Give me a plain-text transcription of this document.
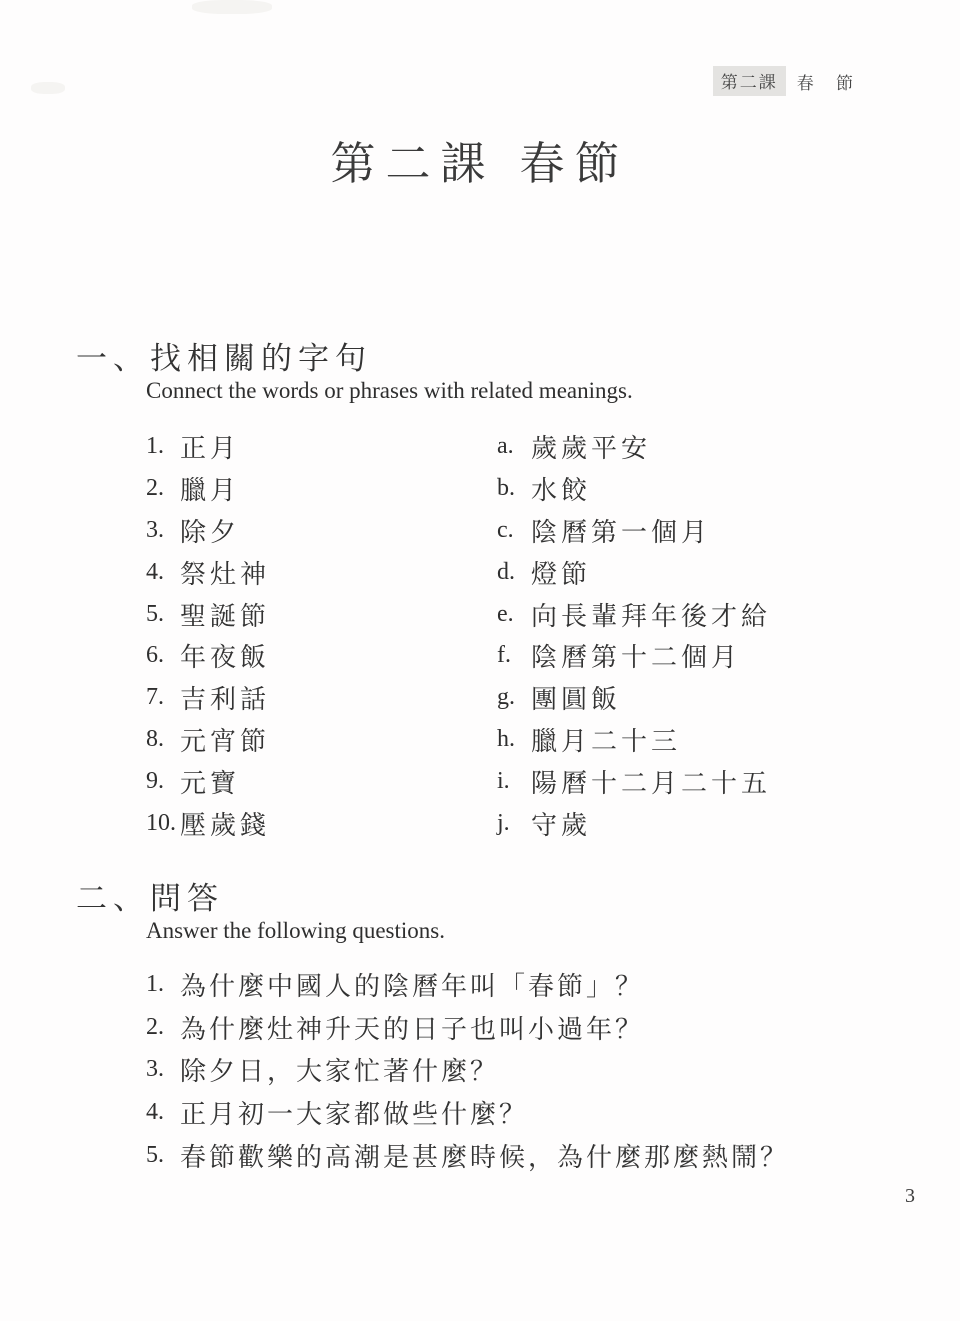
第二課	春 節
第二課 春節
一、找相關的字句
Connect the words or phrases with related meanings.
1. 正月
2. 臘月
3. 除夕
4. 祭灶神
5. 聖誕節
6. 年夜飯
7. 吉利話
8. 元宵節
9. 元寶
10. 壓歲錢
a. 歲歲平安
b. 水餃
c. 陰曆第一個月
d. 燈節
e. 向長輩拜年後才給
f. 陰曆第十二個月
g. 團圓飯
h. 臘月二十三
i. 陽曆十二月二十五
j. 守歲
二、問答
Answer the following questions.
1. 為什麼中國人的陰曆年叫「春節」？
2. 為什麼灶神升天的日子也叫小過年？
3. 除夕日，大家忙著什麼？
4. 正月初一大家都做些什麼？
5. 春節歡樂的高潮是甚麼時候，為什麼那麼熱鬧？
3
